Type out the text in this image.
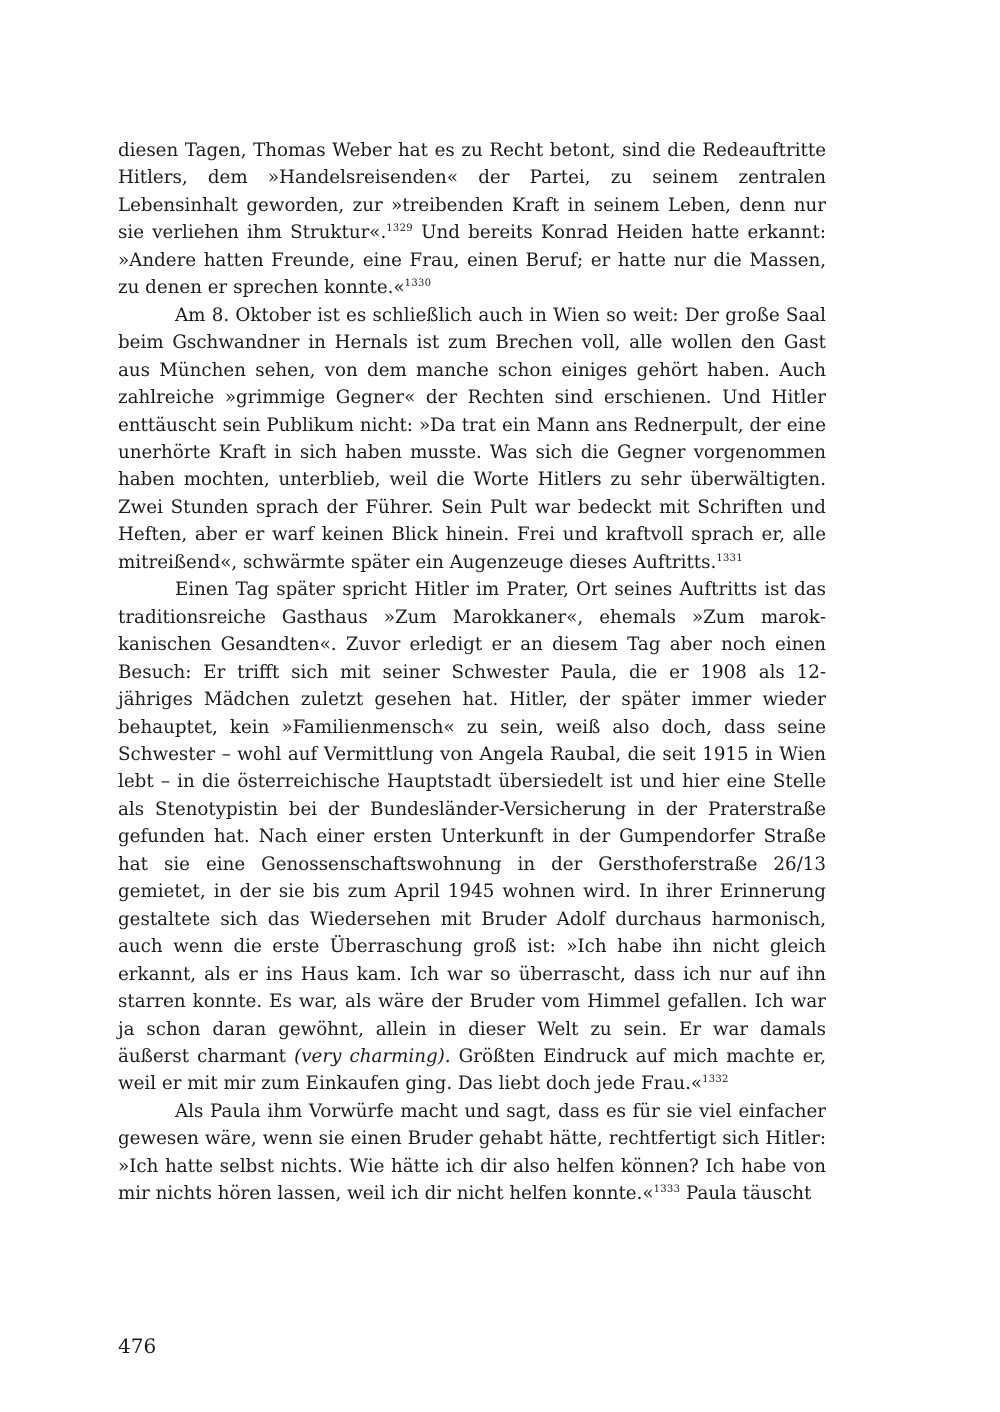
diesen Tagen, Thomas Weber hat es zu Recht betont, sind die Redeauftritte Hitlers, dem »Handelsreisenden« der Partei, zu seinem zentralen Lebensinhalt geworden, zur »treibenden Kraft in seinem Leben, denn nur sie verliehen ihm Struktur«.$^{1329}$ Und bereits Konrad Heiden hatte erkannt: »Andere hatten Freunde, eine Frau, einen Beruf; er hatte nur die Massen, zu denen er sprechen konnte.«$^{1330}$

Am 8. Oktober ist es schließlich auch in Wien so weit: Der große Saal beim Gschwandner in Hernals ist zum Brechen voll, alle wollen den Gast aus München sehen, von dem manche schon einiges gehört haben. Auch zahlreiche »grimmige Gegner« der Rechten sind erschienen. Und Hitler enttäuscht sein Publikum nicht: »Da trat ein Mann ans Rednerpult, der eine unerhörte Kraft in sich haben musste. Was sich die Gegner vorgenommen haben mochten, unterblieb, weil die Worte Hitlers zu sehr überwältigten. Zwei Stunden sprach der Führer. Sein Pult war bedeckt mit Schriften und Heften, aber er warf keinen Blick hinein. Frei und kraftvoll sprach er, alle mitreißend«, schwärmte später ein Augenzeuge dieses Auftritts.$^{1331}$

Einen Tag später spricht Hitler im Prater, Ort seines Auftritts ist das traditionsreiche Gasthaus »Zum Marokkaner«, ehemals »Zum marokkanischen Gesandten«. Zuvor erledigt er an diesem Tag aber noch einen Besuch: Er trifft sich mit seiner Schwester Paula, die er 1908 als 12-jähriges Mädchen zuletzt gesehen hat. Hitler, der später immer wieder behauptet, kein »Familienmensch« zu sein, weiß also doch, dass seine Schwester – wohl auf Vermittlung von Angela Raubal, die seit 1915 in Wien lebt – in die österreichische Hauptstadt übersiedelt ist und hier eine Stelle als Stenotypistin bei der Bundesländer-Versicherung in der Praterstraße gefunden hat. Nach einer ersten Unterkunft in der Gumpendorfer Straße hat sie eine Genossenschaftswohnung in der Gersthoferstraße 26/13 gemietet, in der sie bis zum April 1945 wohnen wird. In ihrer Erinnerung gestaltete sich das Wiedersehen mit Bruder Adolf durchaus harmonisch, auch wenn die erste Überraschung groß ist: »Ich habe ihn nicht gleich erkannt, als er ins Haus kam. Ich war so überrascht, dass ich nur auf ihn starren konnte. Es war, als wäre der Bruder vom Himmel gefallen. Ich war ja schon daran gewöhnt, allein in dieser Welt zu sein. Er war damals äußerst charmant (very charming). Größten Eindruck auf mich machte er, weil er mit mir zum Einkaufen ging. Das liebt doch jede Frau.«$^{1332}$

Als Paula ihm Vorwürfe macht und sagt, dass es für sie viel einfacher gewesen wäre, wenn sie einen Bruder gehabt hätte, rechtfertigt sich Hitler: »Ich hatte selbst nichts. Wie hätte ich dir also helfen können? Ich habe von mir nichts hören lassen, weil ich dir nicht helfen konnte.«$^{1333}$ Paula täuscht

476
